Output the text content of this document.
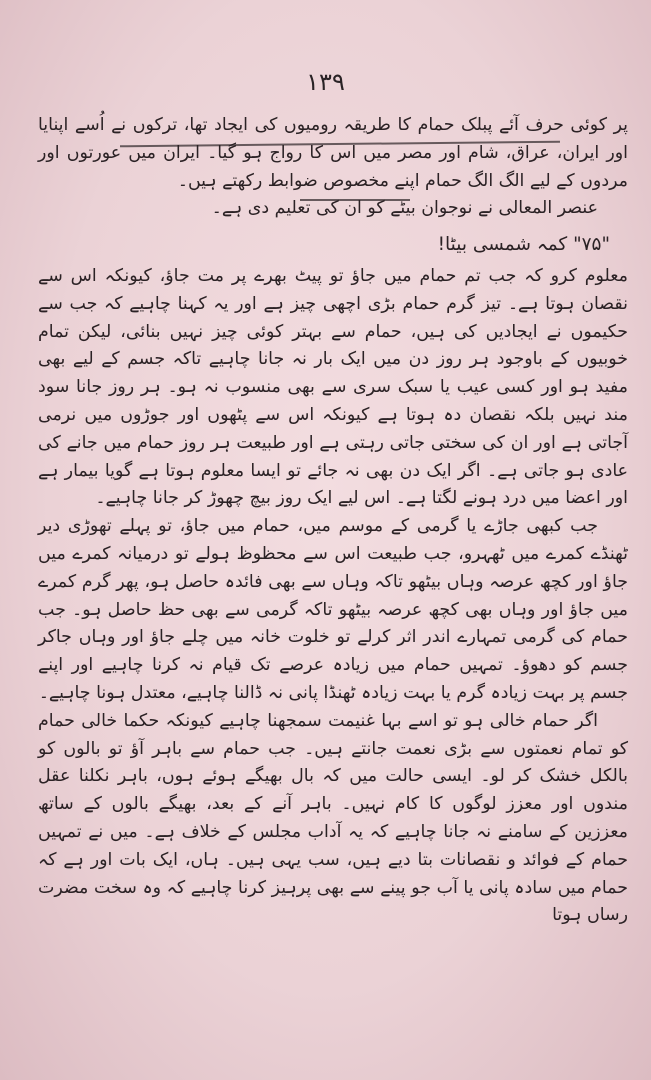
۱۳۹

پر کوئی حرف آئے پبلک حمام کا طریقہ رومیوں کی ایجاد تھا، ترکوں نے اُسے اپنایا اور ایران، عراق، شام اور مصر میں اس کا رواج ہو گیا۔ ایران میں عورتوں اور مردوں کے لیے الگ الگ حمام اپنے مخصوص ضوابط رکھتے ہیں۔

عنصر المعالی نے نوجوان بیٹے کو ان کی تعلیم دی ہے۔

"۷۵" کمہ شمسی بیٹا!

معلوم کرو کہ جب تم حمام میں جاؤ تو پیٹ بھرے پر مت جاؤ، کیونکہ اس سے نقصان ہوتا ہے۔ تیز گرم حمام بڑی اچھی چیز ہے اور یہ کہنا چاہیے کہ جب سے حکیموں نے ایجادیں کی ہیں، حمام سے بہتر کوئی چیز نہیں بنائی، لیکن تمام خوبیوں کے باوجود ہر روز دن میں ایک بار نہ جانا چاہیے تاکہ جسم کے لیے بھی مفید ہو اور کسی عیب یا سبک سری سے بھی منسوب نہ ہو۔ ہر روز جانا سود مند نہیں بلکہ نقصان دہ ہوتا ہے کیونکہ اس سے پٹھوں اور جوڑوں میں نرمی آجاتی ہے اور ان کی سختی جاتی رہتی ہے اور طبیعت ہر روز حمام میں جانے کی عادی ہو جاتی ہے۔ اگر ایک دن بھی نہ جائے تو ایسا معلوم ہوتا ہے گویا بیمار ہے اور اعضا میں درد ہونے لگتا ہے۔ اس لیے ایک روز بیچ چھوڑ کر جانا چاہیے۔

جب کبھی جاڑے یا گرمی کے موسم میں، حمام میں جاؤ، تو پہلے تھوڑی دیر ٹھنڈے کمرے میں ٹھہرو، جب طبیعت اس سے محظوظ ہولے تو درمیانہ کمرے میں جاؤ اور کچھ عرصہ وہاں بیٹھو تاکہ وہاں سے بھی فائدہ حاصل ہو، پھر گرم کمرے میں جاؤ اور وہاں بھی کچھ عرصہ بیٹھو تاکہ گرمی سے بھی حظ حاصل ہو۔ جب حمام کی گرمی تمہارے اندر اثر کرلے تو خلوت خانہ میں چلے جاؤ اور وہاں جاکر جسم کو دھوؤ۔ تمہیں حمام میں زیادہ عرصے تک قیام نہ کرنا چاہیے اور اپنے جسم پر بہت زیادہ گرم یا بہت زیادہ ٹھنڈا پانی نہ ڈالنا چاہیے، معتدل ہونا چاہیے۔

اگر حمام خالی ہو تو اسے بہا غنیمت سمجھنا چاہیے کیونکہ حکما خالی حمام کو تمام نعمتوں سے بڑی نعمت جانتے ہیں۔ جب حمام سے باہر آؤ تو بالوں کو بالکل خشک کر لو۔ ایسی حالت میں کہ بال بھیگے ہوئے ہوں، باہر نکلنا عقل مندوں اور معزز لوگوں کا کام نہیں۔ باہر آنے کے بعد، بھیگے بالوں کے ساتھ معززین کے سامنے نہ جانا چاہیے کہ یہ آداب مجلس کے خلاف ہے۔ میں نے تمہیں حمام کے فوائد و نقصانات بتا دیے ہیں، سب یہی ہیں۔ ہاں، ایک بات اور ہے کہ حمام میں سادہ پانی یا آب جو پینے سے بھی پرہیز کرنا چاہیے کہ وہ سخت مضرت رساں ہوتا
